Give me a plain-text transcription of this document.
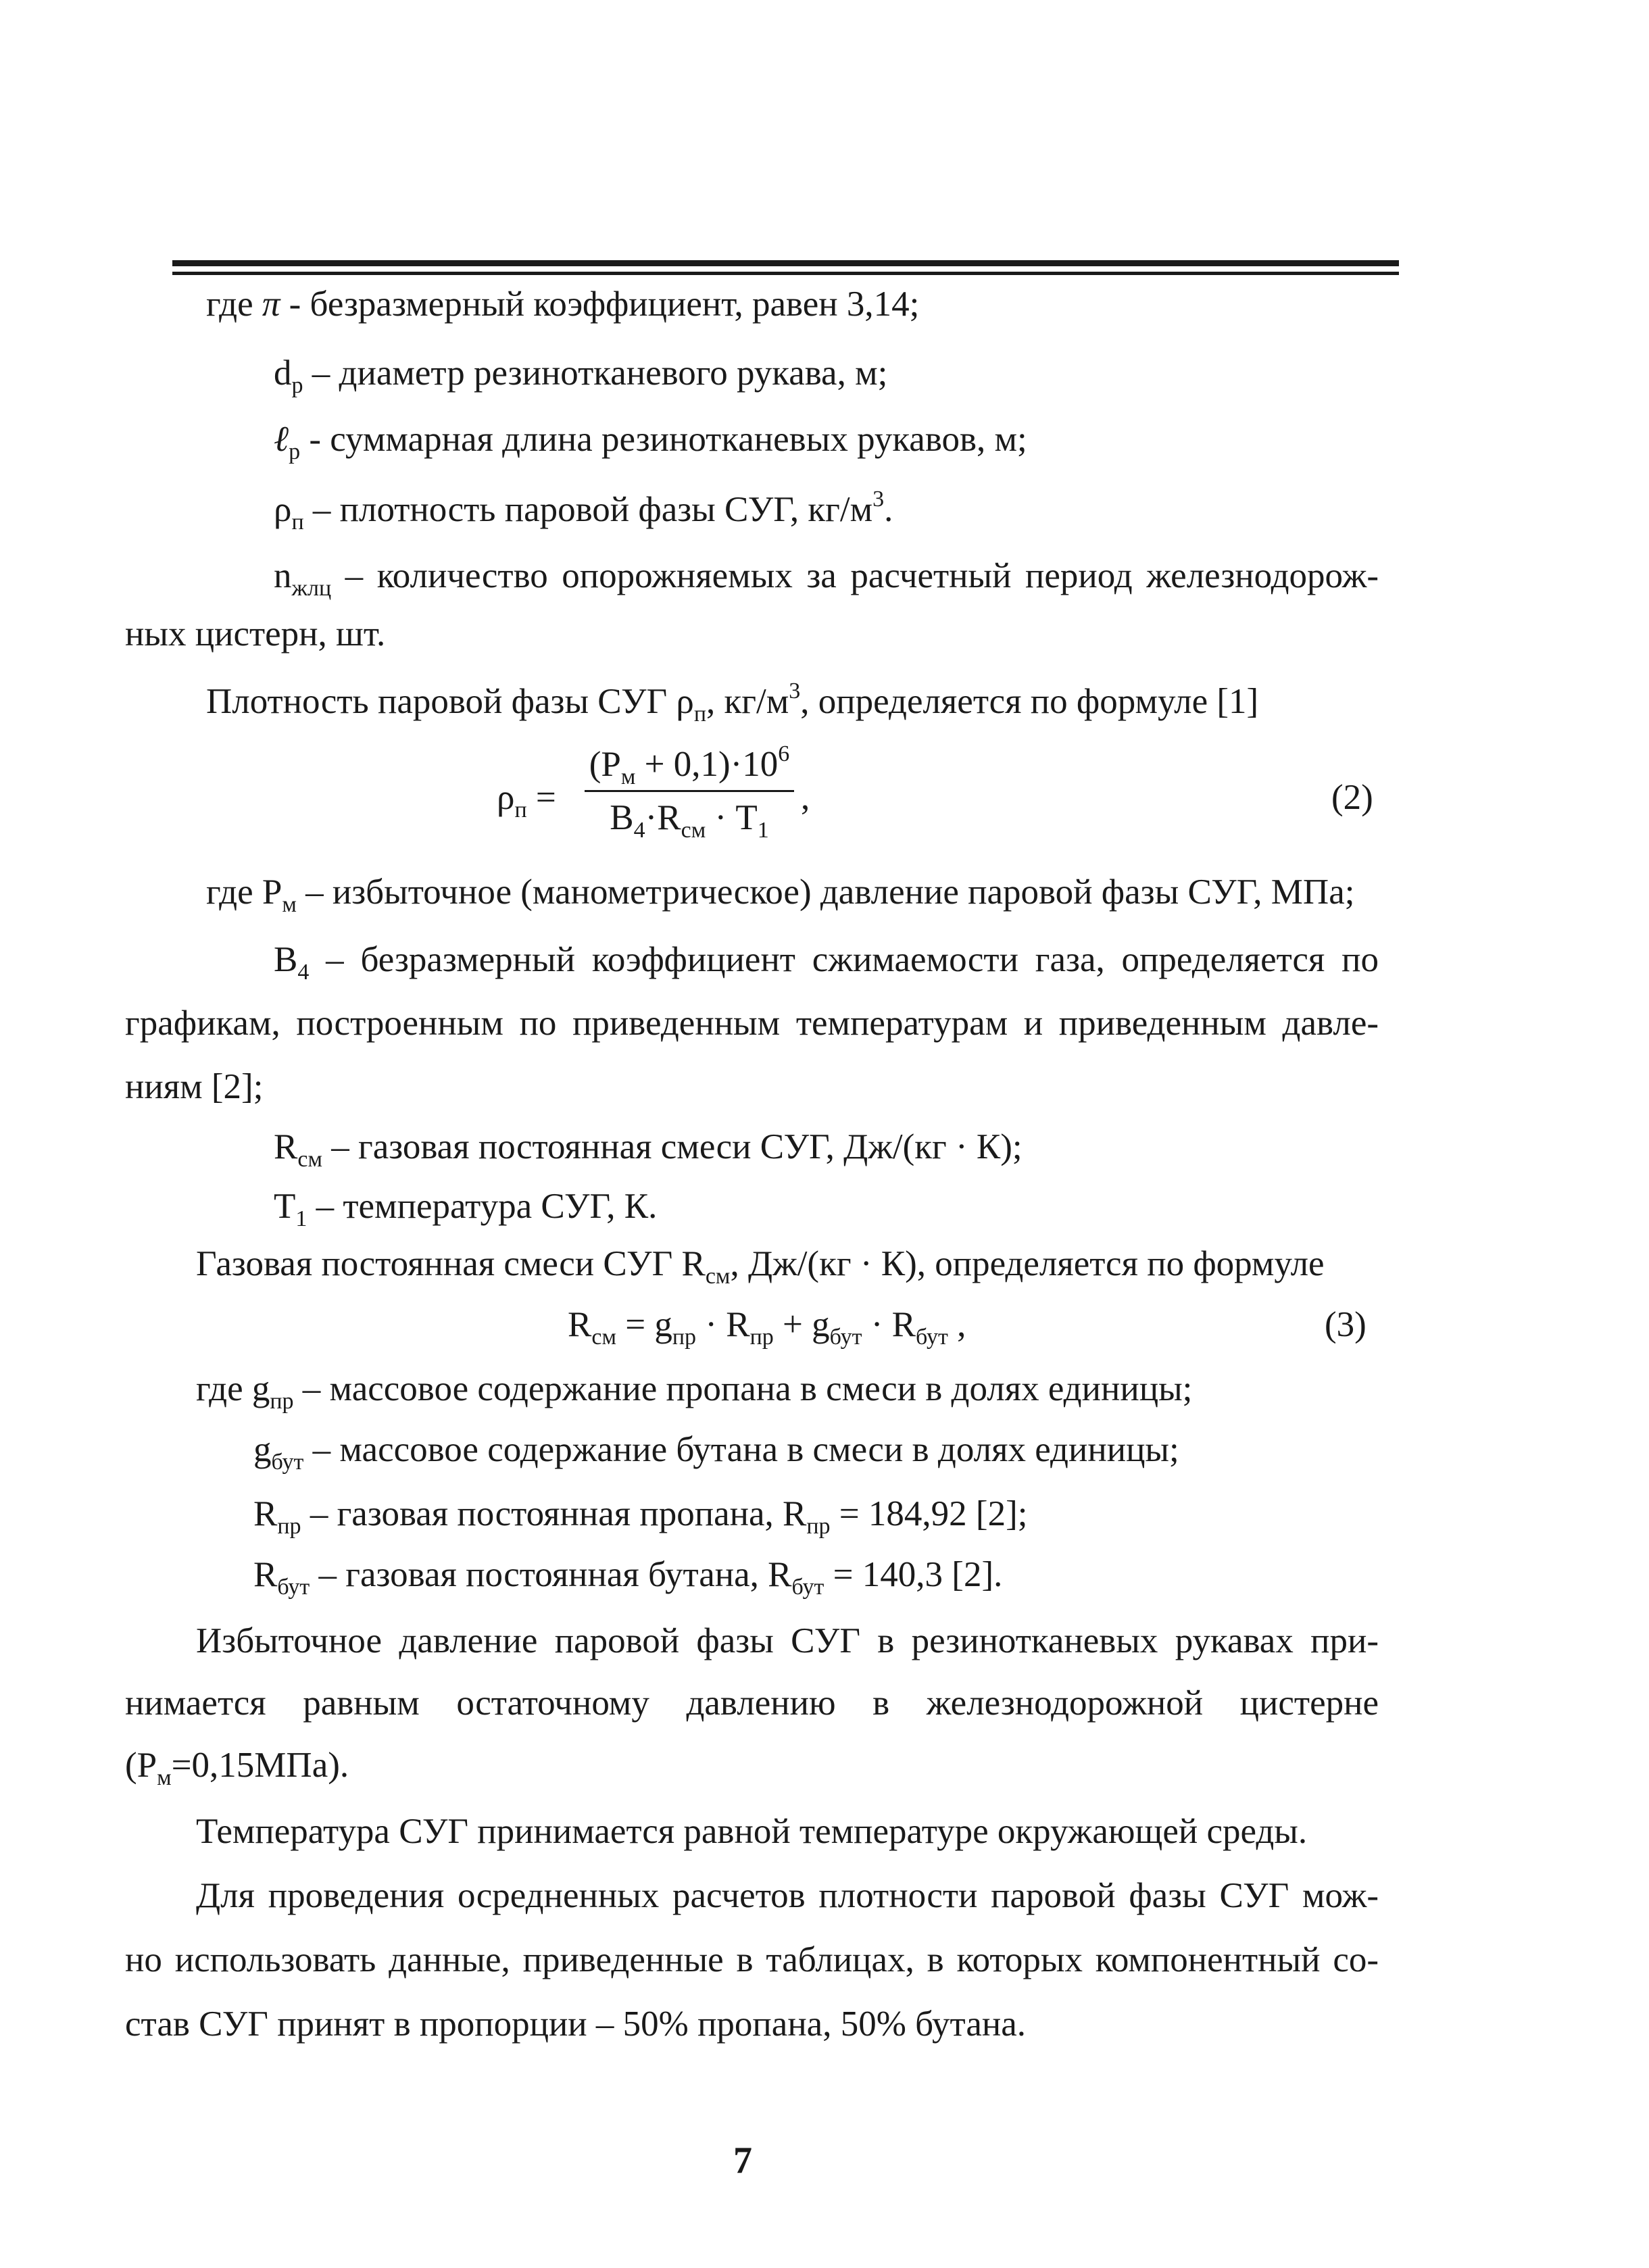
где π - безразмерный коэффициент, равен 3,14;
$d_р$ – диаметр резинотканевого рукава, м;
ℓ$_р$ - суммарная длина резинотканевых рукавов, м;
$\rho_п$ – плотность паровой фазы СУГ, $кг/м^3$.
$n_{жлц}$ – количество опорожняемых за расчетный период железнодорож-
ных цистерн, шт.
Плотность паровой фазы СУГ $\rho_п$, $кг/м^3$, определяется по формуле [1]
$\rho_п$ =
$(Р_м + 0,1)\cdot 10^6$
$В_4\cdot R_{см} \cdot Т_1$
,	(2)
где $Р_м$ – избыточное (манометрическое) давление паровой фазы СУГ, МПа;
$В_4$ – безразмерный коэффициент сжимаемости газа, определяется по
графикам, построенным по приведенным температурам и приведенным давле-
ниям [2];
$R_{см}$ – газовая постоянная смеси СУГ, Дж/(кг · К);
$Т_1$ – температура СУГ, К.
Газовая постоянная смеси СУГ $R_{см}$, Дж/(кг · К), определяется по формуле
$R_{см} = g_{пр} \cdot R_{пр} + g_{бут} \cdot R_{бут}$ ,	(3)
где $g_{пр}$ – массовое содержание пропана в смеси в долях единицы;
$g_{бут}$ – массовое содержание бутана в смеси в долях единицы;
$R_{пр}$ – газовая постоянная пропана, $R_{пр} = 184,92$ [2];
$R_{бут}$ – газовая постоянная бутана, $R_{бут} = 140,3$ [2].
Избыточное давление паровой фазы СУГ в резинотканевых рукавах при-
нимается равным остаточному давлению в железнодорожной цистерне
$(Р_м=0,15МПа)$.
Температура СУГ принимается равной температуре окружающей среды.
Для проведения осредненных расчетов плотности паровой фазы СУГ мож-
но использовать данные, приведенные в таблицах, в которых компонентный со-
став СУГ принят в пропорции – 50% пропана, 50% бутана.
7
